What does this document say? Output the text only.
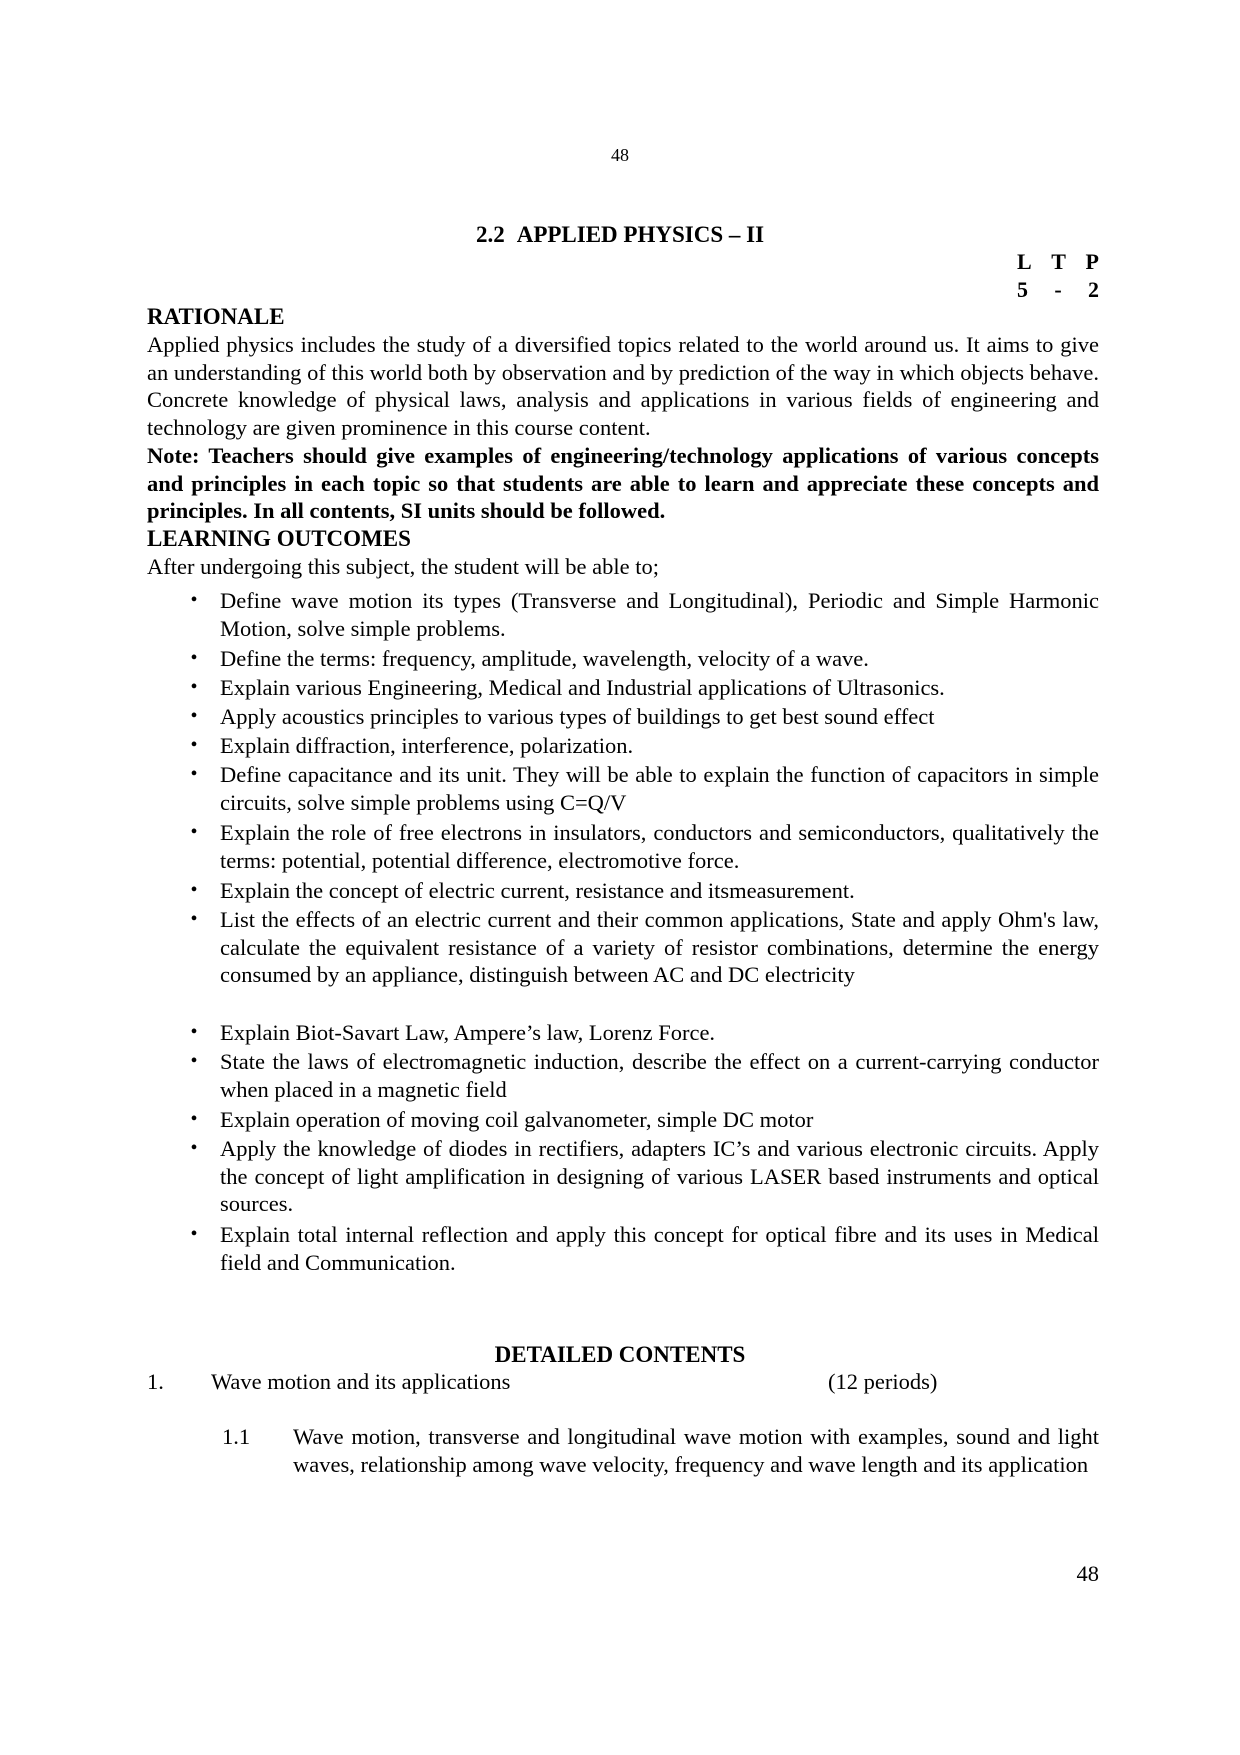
48
2.2 APPLIED PHYSICS – II
L T P
5 - 2
RATIONALE

Applied physics includes the study of a diversified topics related to the world around us. It aims to give an understanding of this world both by observation and by prediction of the way in which objects behave. Concrete knowledge of physical laws, analysis and applications in various fields of engineering and technology are given prominence in this course content.

Note: Teachers should give examples of engineering/technology applications of various concepts and principles in each topic so that students are able to learn and appreciate these concepts and principles. In all contents, SI units should be followed.

LEARNING OUTCOMES
After undergoing this subject, the student will be able to;
• Define wave motion its types (Transverse and Longitudinal), Periodic and Simple Harmonic Motion, solve simple problems.
• Define the terms: frequency, amplitude, wavelength, velocity of a wave.
• Explain various Engineering, Medical and Industrial applications of Ultrasonics.
• Apply acoustics principles to various types of buildings to get best sound effect
• Explain diffraction, interference, polarization.
• Define capacitance and its unit. They will be able to explain the function of capacitors in simple circuits, solve simple problems using C=Q/V
• Explain the role of free electrons in insulators, conductors and semiconductors, qualitatively the terms: potential, potential difference, electromotive force.
• Explain the concept of electric current, resistance and itsmeasurement.
• List the effects of an electric current and their common applications, State and apply Ohm's law, calculate the equivalent resistance of a variety of resistor combinations, determine the energy consumed by an appliance, distinguish between AC and DC electricity
• Explain Biot-Savart Law, Ampere’s law, Lorenz Force.
• State the laws of electromagnetic induction, describe the effect on a current-carrying conductor when placed in a magnetic field
• Explain operation of moving coil galvanometer, simple DC motor
• Apply the knowledge of diodes in rectifiers, adapters IC’s and various electronic circuits. Apply the concept of light amplification in designing of various LASER based instruments and optical sources.
• Explain total internal reflection and apply this concept for optical fibre and its uses in Medical field and Communication.
DETAILED CONTENTS
1. Wave motion and its applications	(12 periods)
1.1 Wave motion, transverse and longitudinal wave motion with examples, sound and light waves, relationship among wave velocity, frequency and wave length and its application
48
